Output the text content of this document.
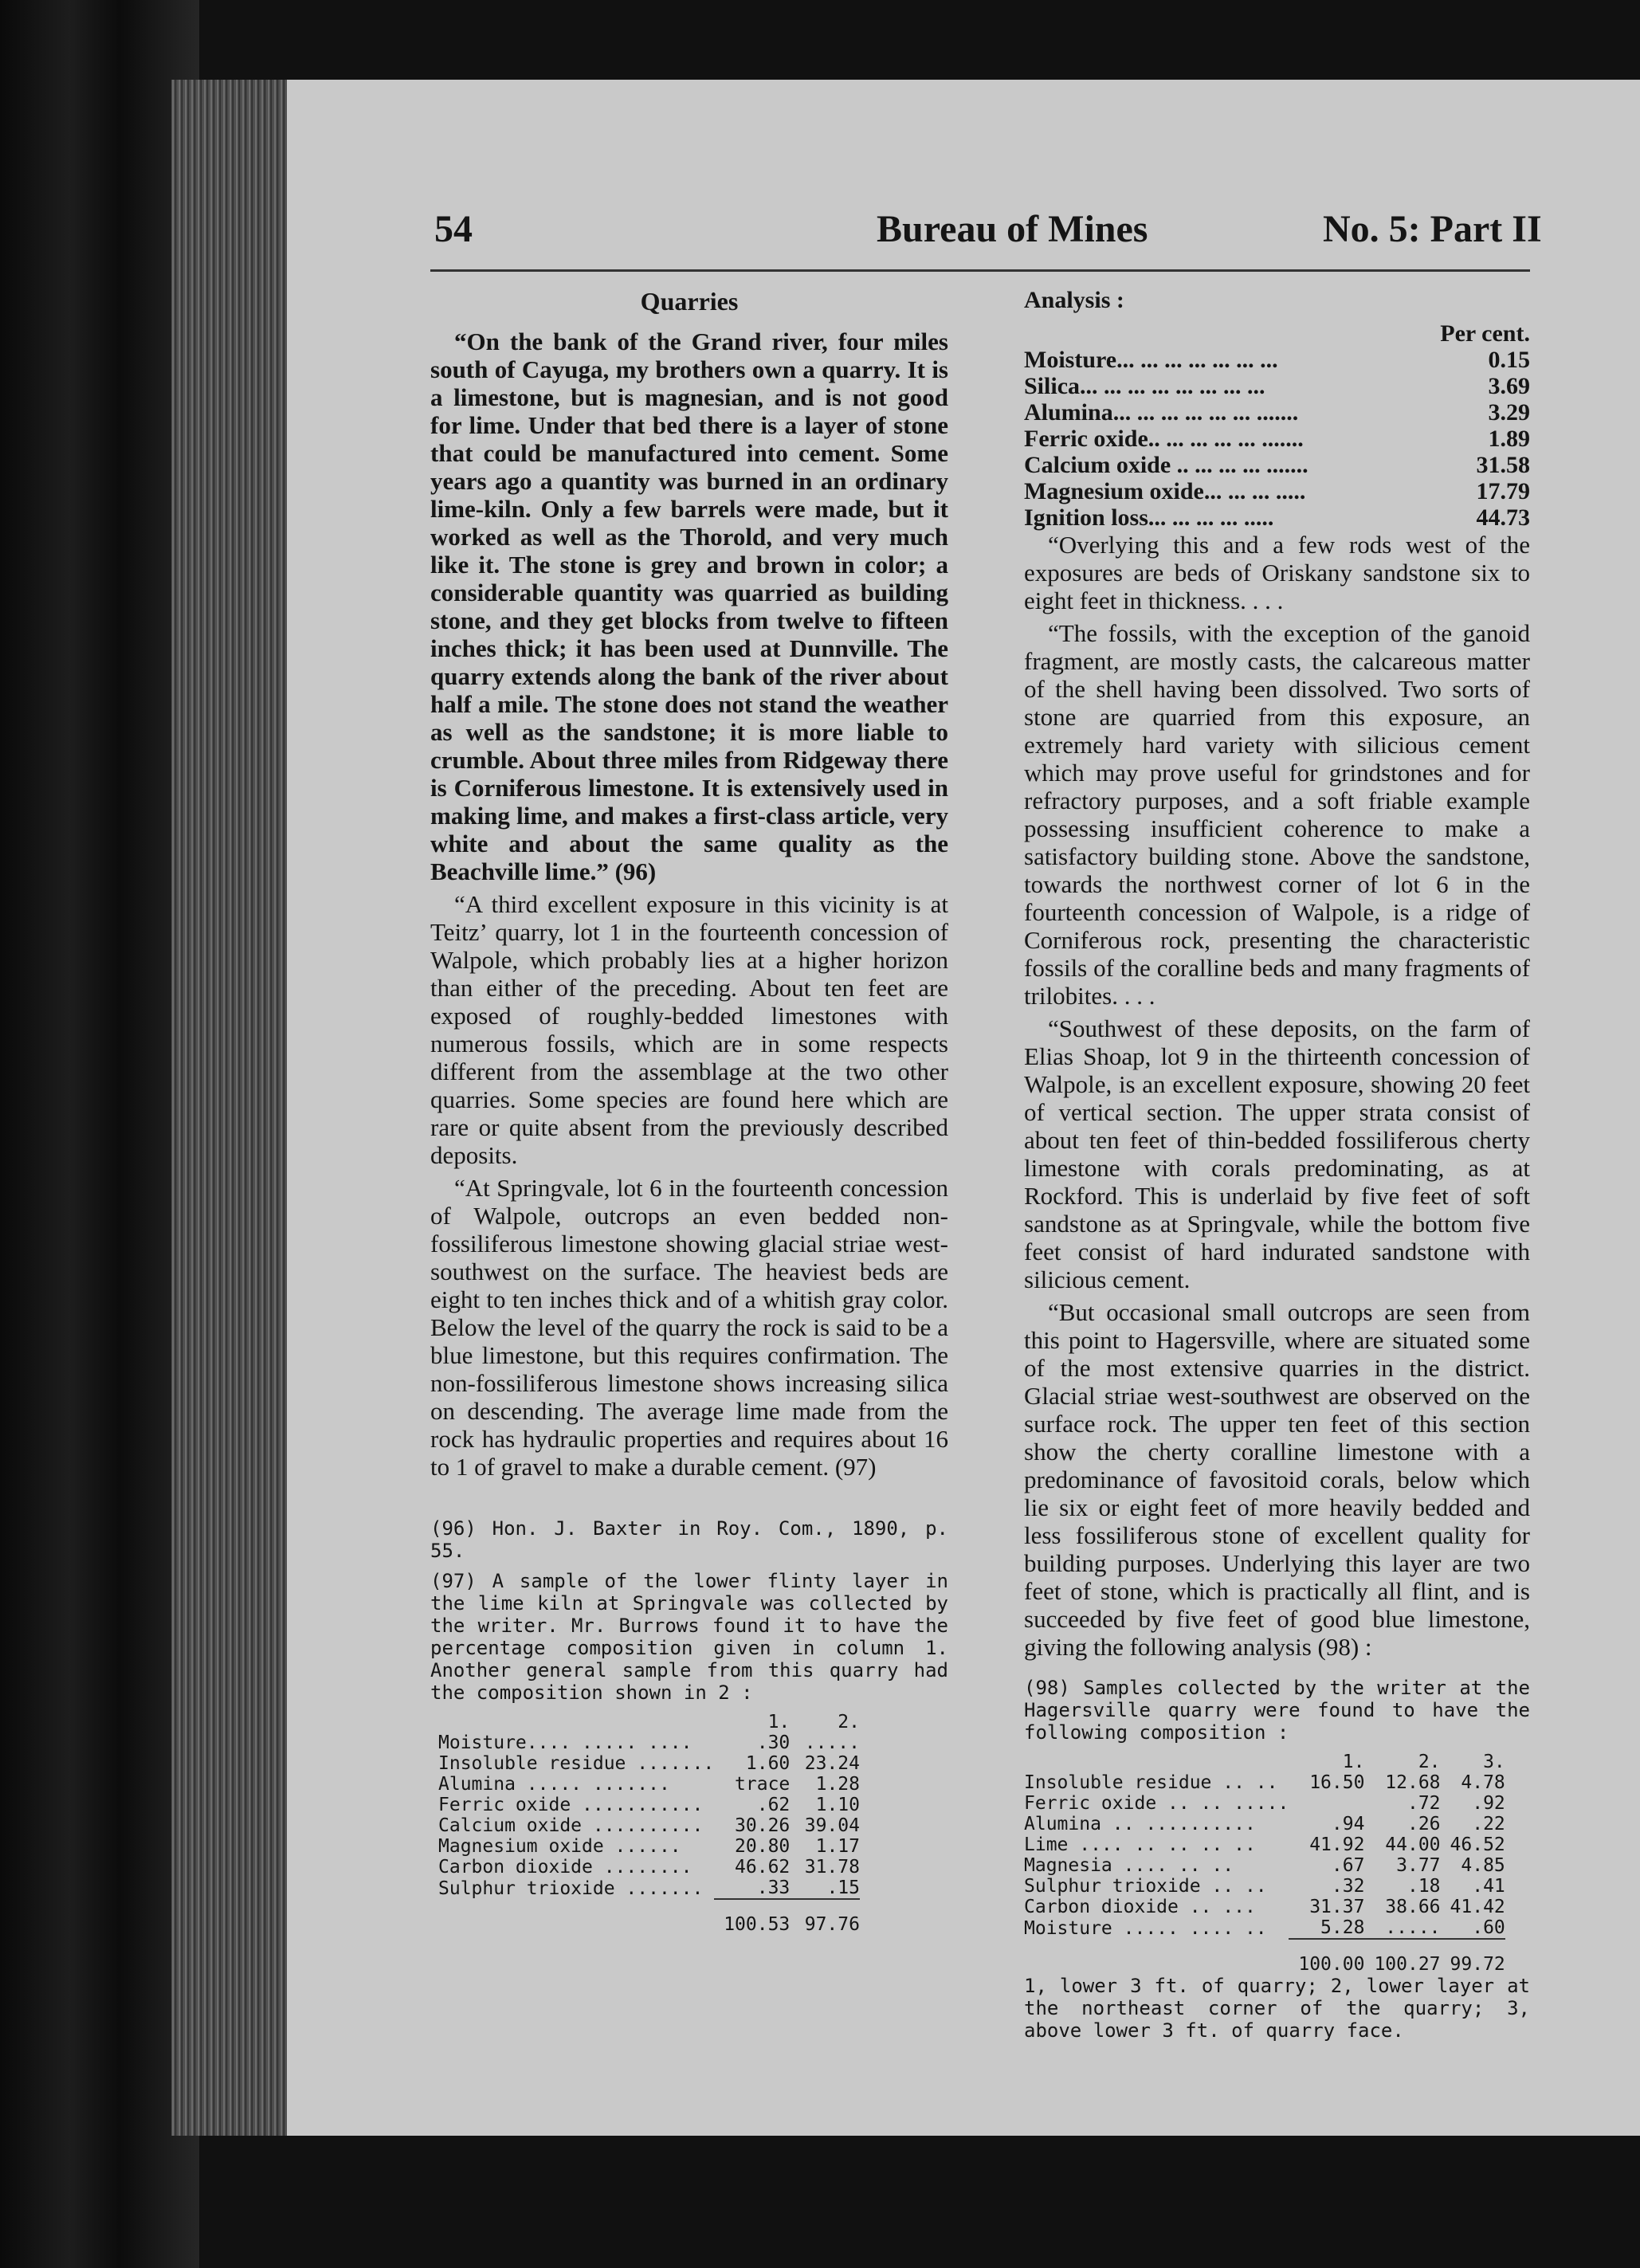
54	Bureau of Mines	No. 5: Part II
Quarries

“On the bank of the Grand river, four miles south of Cayuga, my brothers own a quarry. It is a limestone, but is magnesian, and is not good for lime. Under that bed there is a layer of stone that could be manufactured into cement. Some years ago a quantity was burned in an ordinary lime-kiln. Only a few barrels were made, but it worked as well as the Thorold, and very much like it. The stone is grey and brown in color; a considerable quantity was quarried as building stone, and they get blocks from twelve to fifteen inches thick; it has been used at Dunnville. The quarry extends along the bank of the river about half a mile. The stone does not stand the weather as well as the sandstone; it is more liable to crumble. About three miles from Ridgeway there is Corniferous limestone. It is extensively used in making lime, and makes a first-class article, very white and about the same quality as the Beachville lime.” (96)

“A third excellent exposure in this vicinity is at Teitz’ quarry, lot 1 in the fourteenth concession of Walpole, which probably lies at a higher horizon than either of the preceding. About ten feet are exposed of roughly-bedded limestones with numerous fossils, which are in some respects different from the assemblage at the two other quarries. Some species are found here which are rare or quite absent from the previously described deposits.

“At Springvale, lot 6 in the fourteenth concession of Walpole, outcrops an even bedded non-fossiliferous limestone showing glacial striae west-southwest on the surface. The heaviest beds are eight to ten inches thick and of a whitish gray color. Below the level of the quarry the rock is said to be a blue limestone, but this requires confirmation. The non-fossiliferous limestone shows increasing silica on descending. The average lime made from the rock has hydraulic properties and requires about 16 to 1 of gravel to make a durable cement. (97)

(96) Hon. J. Baxter in Roy. Com., 1890, p. 55.

(97) A sample of the lower flinty layer in the lime kiln at Springvale was collected by the writer. Mr. Burrows found it to have the percentage composition given in column 1. Another general sample from this quarry had the composition shown in 2 :

	1.	2.
Moisture.... ..... ....	.30	.....
Insoluble residue .......	1.60	23.24
Alumina ..... .......	trace	1.28
Ferric oxide ...........	.62	1.10
Calcium oxide ..........	30.26	39.04
Magnesium oxide ......	20.80	1.17
Carbon dioxide ........	46.62	31.78
Sulphur trioxide .......	.33	.15
	100.53	97.76
Analysis :
	Per cent.
Moisture... ... ... ... ... ... ...	0.15
Silica... ... ... ... ... ... ... ...	3.69
Alumina... ... ... ... ... ... .......	3.29
Ferric oxide.. ... ... ... ... .......	1.89
Calcium oxide .. ... ... ... .......	31.58
Magnesium oxide... ... ... .....	17.79
Ignition loss... ... ... ... .....	44.73

“Overlying this and a few rods west of the exposures are beds of Oriskany sandstone six to eight feet in thickness. . . .

“The fossils, with the exception of the ganoid fragment, are mostly casts, the calcareous matter of the shell having been dissolved. Two sorts of stone are quarried from this exposure, an extremely hard variety with silicious cement which may prove useful for grindstones and for refractory purposes, and a soft friable example possessing insufficient coherence to make a satisfactory building stone. Above the sandstone, towards the northwest corner of lot 6 in the fourteenth concession of Walpole, is a ridge of Corniferous rock, presenting the characteristic fossils of the coralline beds and many fragments of trilobites. . . .

“Southwest of these deposits, on the farm of Elias Shoap, lot 9 in the thirteenth concession of Walpole, is an excellent exposure, showing 20 feet of vertical section. The upper strata consist of about ten feet of thin-bedded fossiliferous cherty limestone with corals predominating, as at Rockford. This is underlaid by five feet of soft sandstone as at Springvale, while the bottom five feet consist of hard indurated sandstone with silicious cement.

“But occasional small outcrops are seen from this point to Hagersville, where are situated some of the most extensive quarries in the district. Glacial striae west-southwest are observed on the surface rock. The upper ten feet of this section show the cherty coralline limestone with a predominance of favositoid corals, below which lie six or eight feet of more heavily bedded and less fossiliferous stone of excellent quality for building purposes. Underlying this layer are two feet of stone, which is practically all flint, and is succeeded by five feet of good blue limestone, giving the following analysis (98) :

(98) Samples collected by the writer at the Hagersville quarry were found to have the following composition :

	1.	2.	3.
Insoluble residue .. ..	16.50	12.68	4.78
Ferric oxide .. .. .....		.72	.92
Alumina .. ..........	.94	.26	.22
Lime .... .. .. .. ..	41.92	44.00	46.52
Magnesia .... .. ..	.67	3.77	4.85
Sulphur trioxide .. ..	.32	.18	.41
Carbon dioxide .. ...	31.37	38.66	41.42
Moisture ..... .... ..	5.28	.....	.60
	100.00	100.27	99.72

1, lower 3 ft. of quarry; 2, lower layer at the northeast corner of the quarry; 3, above lower 3 ft. of quarry face.
